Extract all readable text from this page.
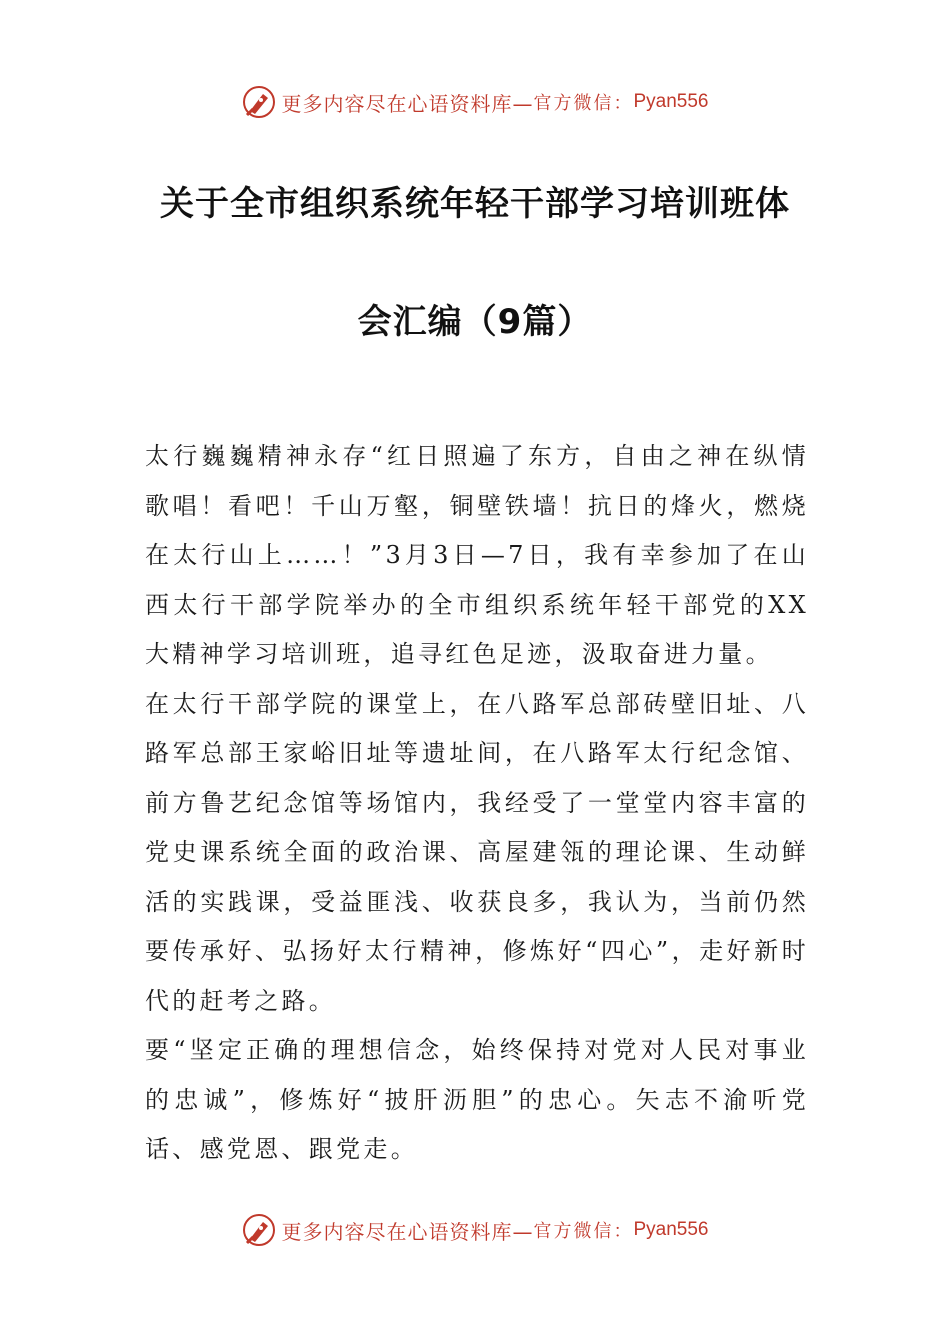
更多内容尽在心语资料库— 官方微信： Pyan556
关于全市组织系统年轻干部学习培训班体
会汇编（9篇）

太行巍巍精神永存“红日照遍了东方，自由之神在纵情歌唱！看吧！千山万壑，铜壁铁墙！抗日的烽火，燃烧在太行山上……！”3月3日—7日，我有幸参加了在山西太行干部学院举办的全市组织系统年轻干部党的XX大精神学习培训班，追寻红色足迹，汲取奋进力量。

在太行干部学院的课堂上，在八路军总部砖壁旧址、八路军总部王家峪旧址等遗址间，在八路军太行纪念馆、前方鲁艺纪念馆等场馆内，我经受了一堂堂内容丰富的党史课系统全面的政治课、高屋建瓴的理论课、生动鲜活的实践课，受益匪浅、收获良多，我认为，当前仍然要传承好、弘扬好太行精神，修炼好“四心”，走好新时代的赶考之路。

要“坚定正确的理想信念，始终保持对党对人民对事业的忠诚”，修炼好“披肝沥胆”的忠心。矢志不渝听党话、感党恩、跟党走。

更多内容尽在心语资料库— 官方微信： Pyan556
